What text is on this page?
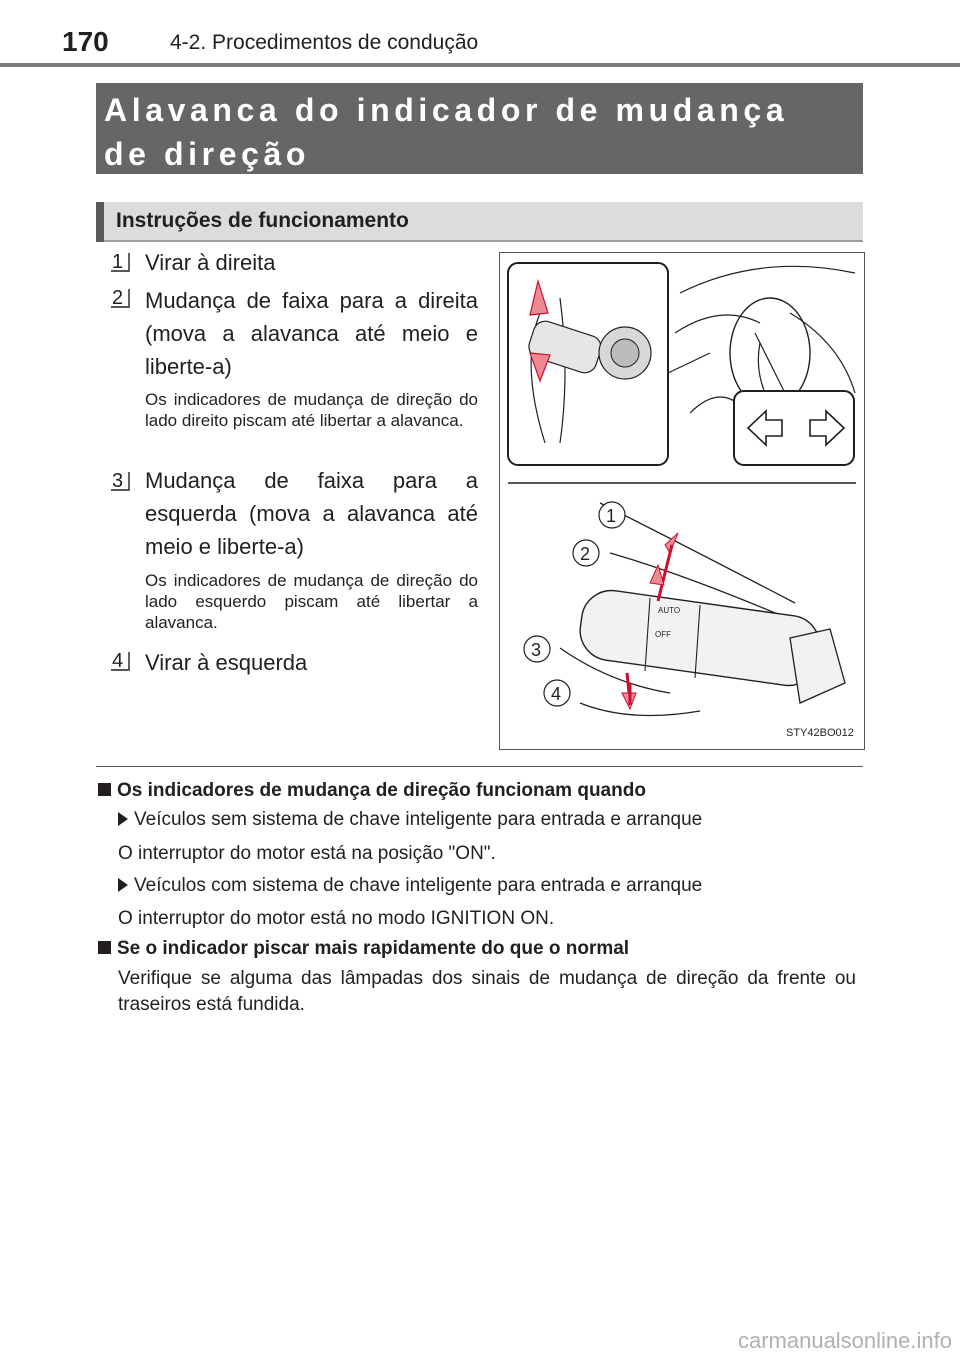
170	4-2. Procedimentos de condução
Alavanca do indicador de mudança de direção
Instruções de funcionamento
1
2
3
4
Virar à direita
Mudança de faixa para a direita (mova a alavanca até meio e liberte-a)
Os indicadores de mudança de direção do lado direito piscam até libertar a alavanca.
Mudança de faixa para a esquerda (mova a alavanca até meio e liberte-a)
Os indicadores de mudança de direção do lado esquerdo piscam até libertar a alavanca.
Virar à esquerda
AUTO
OFF
1
2
3
4
STY42BO012
Os indicadores de mudança de direção funcionam quando
Veículos sem sistema de chave inteligente para entrada e arranque
O interruptor do motor está na posição "ON".
Veículos com sistema de chave inteligente para entrada e arranque
O interruptor do motor está no modo IGNITION ON.
Se o indicador piscar mais rapidamente do que o normal
Verifique se alguma das lâmpadas dos sinais de mudança de direção da frente ou traseiros está fundida.
carmanualsonline.info
